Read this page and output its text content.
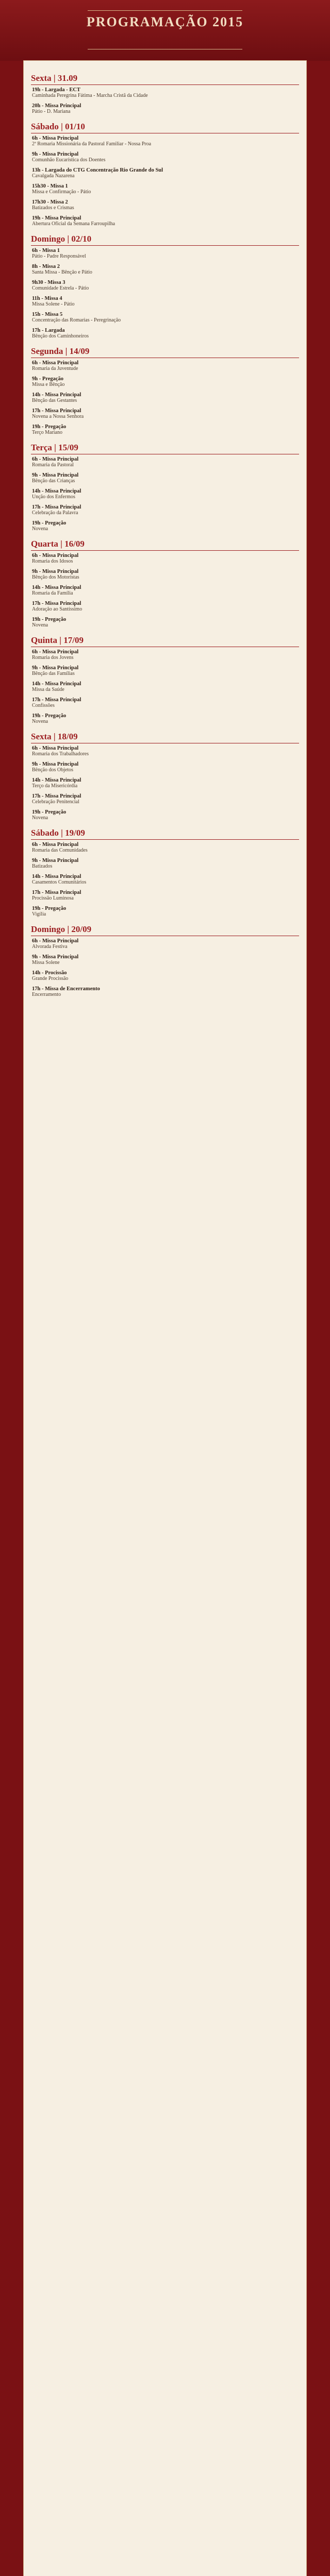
PROGRAMAÇÃO 2015
Sexta | 31.09
19h - Largada - ECT
Caminhada Peregrina Fátima - Marcha Cristã da Cidade
20h - Missa Principal
Pátio - D. Mariana
Sábado | 01/10
6h - Missa Principal
2ª Romaria Missionária da Pastoral Familiar - Nossa Proa
9h - Missa Principal
Comunhão Eucarística dos Doentes
13h - Largada do CTG Concentração Rio Grande do Sul
Cavalgada Nazarena
15h30 - Missa 1
Missa e Confirmação - Pátio
17h30 - Missa 2
Batizados e Crismas
19h - Missa Principal
Abertura Oficial da Semana Farroupilha
Domingo | 02/10
6h - Missa 1
Pátio - Padre Responsável
8h - Missa 2
Santa Missa - Bênção e Pátio
9h30 - Missa 3
Comunidade Estrela - Pátio
11h - Missa 4
Missa Solene - Pátio
15h - Missa 5
Concentração das Romarias - Peregrinação
17h - Largada
Bênção dos Caminhoneiros
Segunda | 14/09
6h - Missa Principal
Romaria da Juventude
9h - Pregação
Missa e Bênção
14h - Missa Principal
Bênção das Gestantes
17h - Missa Principal
Novena a Nossa Senhora
19h - Pregação
Terço Mariano
Terça | 15/09
6h - Missa Principal
Romaria da Pastoral
9h - Missa Principal
Bênção das Crianças
14h - Missa Principal
Unção dos Enfermos
17h - Missa Principal
Celebração da Palavra
19h - Pregação
Novena
Quarta | 16/09
6h - Missa Principal
Romaria dos Idosos
9h - Missa Principal
Bênção dos Motoristas
14h - Missa Principal
Romaria da Família
17h - Missa Principal
Adoração ao Santíssimo
19h - Pregação
Novena
Quinta | 17/09
6h - Missa Principal
Romaria dos Jovens
9h - Missa Principal
Bênção das Famílias
14h - Missa Principal
Missa da Saúde
17h - Missa Principal
Confissões
19h - Pregação
Novena
Sexta | 18/09
6h - Missa Principal
Romaria dos Trabalhadores
9h - Missa Principal
Bênção dos Objetos
14h - Missa Principal
Terço da Misericórdia
17h - Missa Principal
Celebração Penitencial
19h - Pregação
Novena
Sábado | 19/09
6h - Missa Principal
Romaria das Comunidades
9h - Missa Principal
Batizados
14h - Missa Principal
Casamentos Comunitários
17h - Missa Principal
Procissão Luminosa
19h - Pregação
Vigília
Domingo | 20/09
6h - Missa Principal
Alvorada Festiva
9h - Missa Principal
Missa Solene
14h - Procissão
Grande Procissão
17h - Missa de Encerramento
Encerramento
